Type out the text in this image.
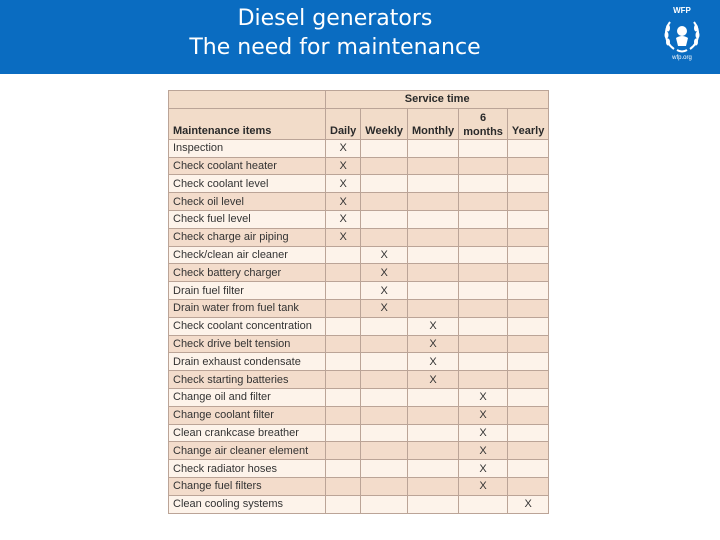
Diesel generators
The need for maintenance
WFP
wfp.org
	Service time				
Maintenance items	Daily	Weekly	Monthly	6
months	Yearly
Inspection	X				
Check coolant heater	X				
Check coolant level	X				
Check oil level	X				
Check fuel level	X				
Check charge air piping	X				
Check/clean air cleaner		X			
Check battery charger		X			
Drain fuel filter		X			
Drain water from fuel tank		X			
Check coolant concentration			X		
Check drive belt tension			X		
Drain exhaust condensate			X		
Check starting batteries			X		
Change oil and filter				X	
Change coolant filter				X	
Clean crankcase breather				X	
Change air cleaner element				X	
Check radiator hoses				X	
Change fuel filters				X	
Clean cooling systems					X
